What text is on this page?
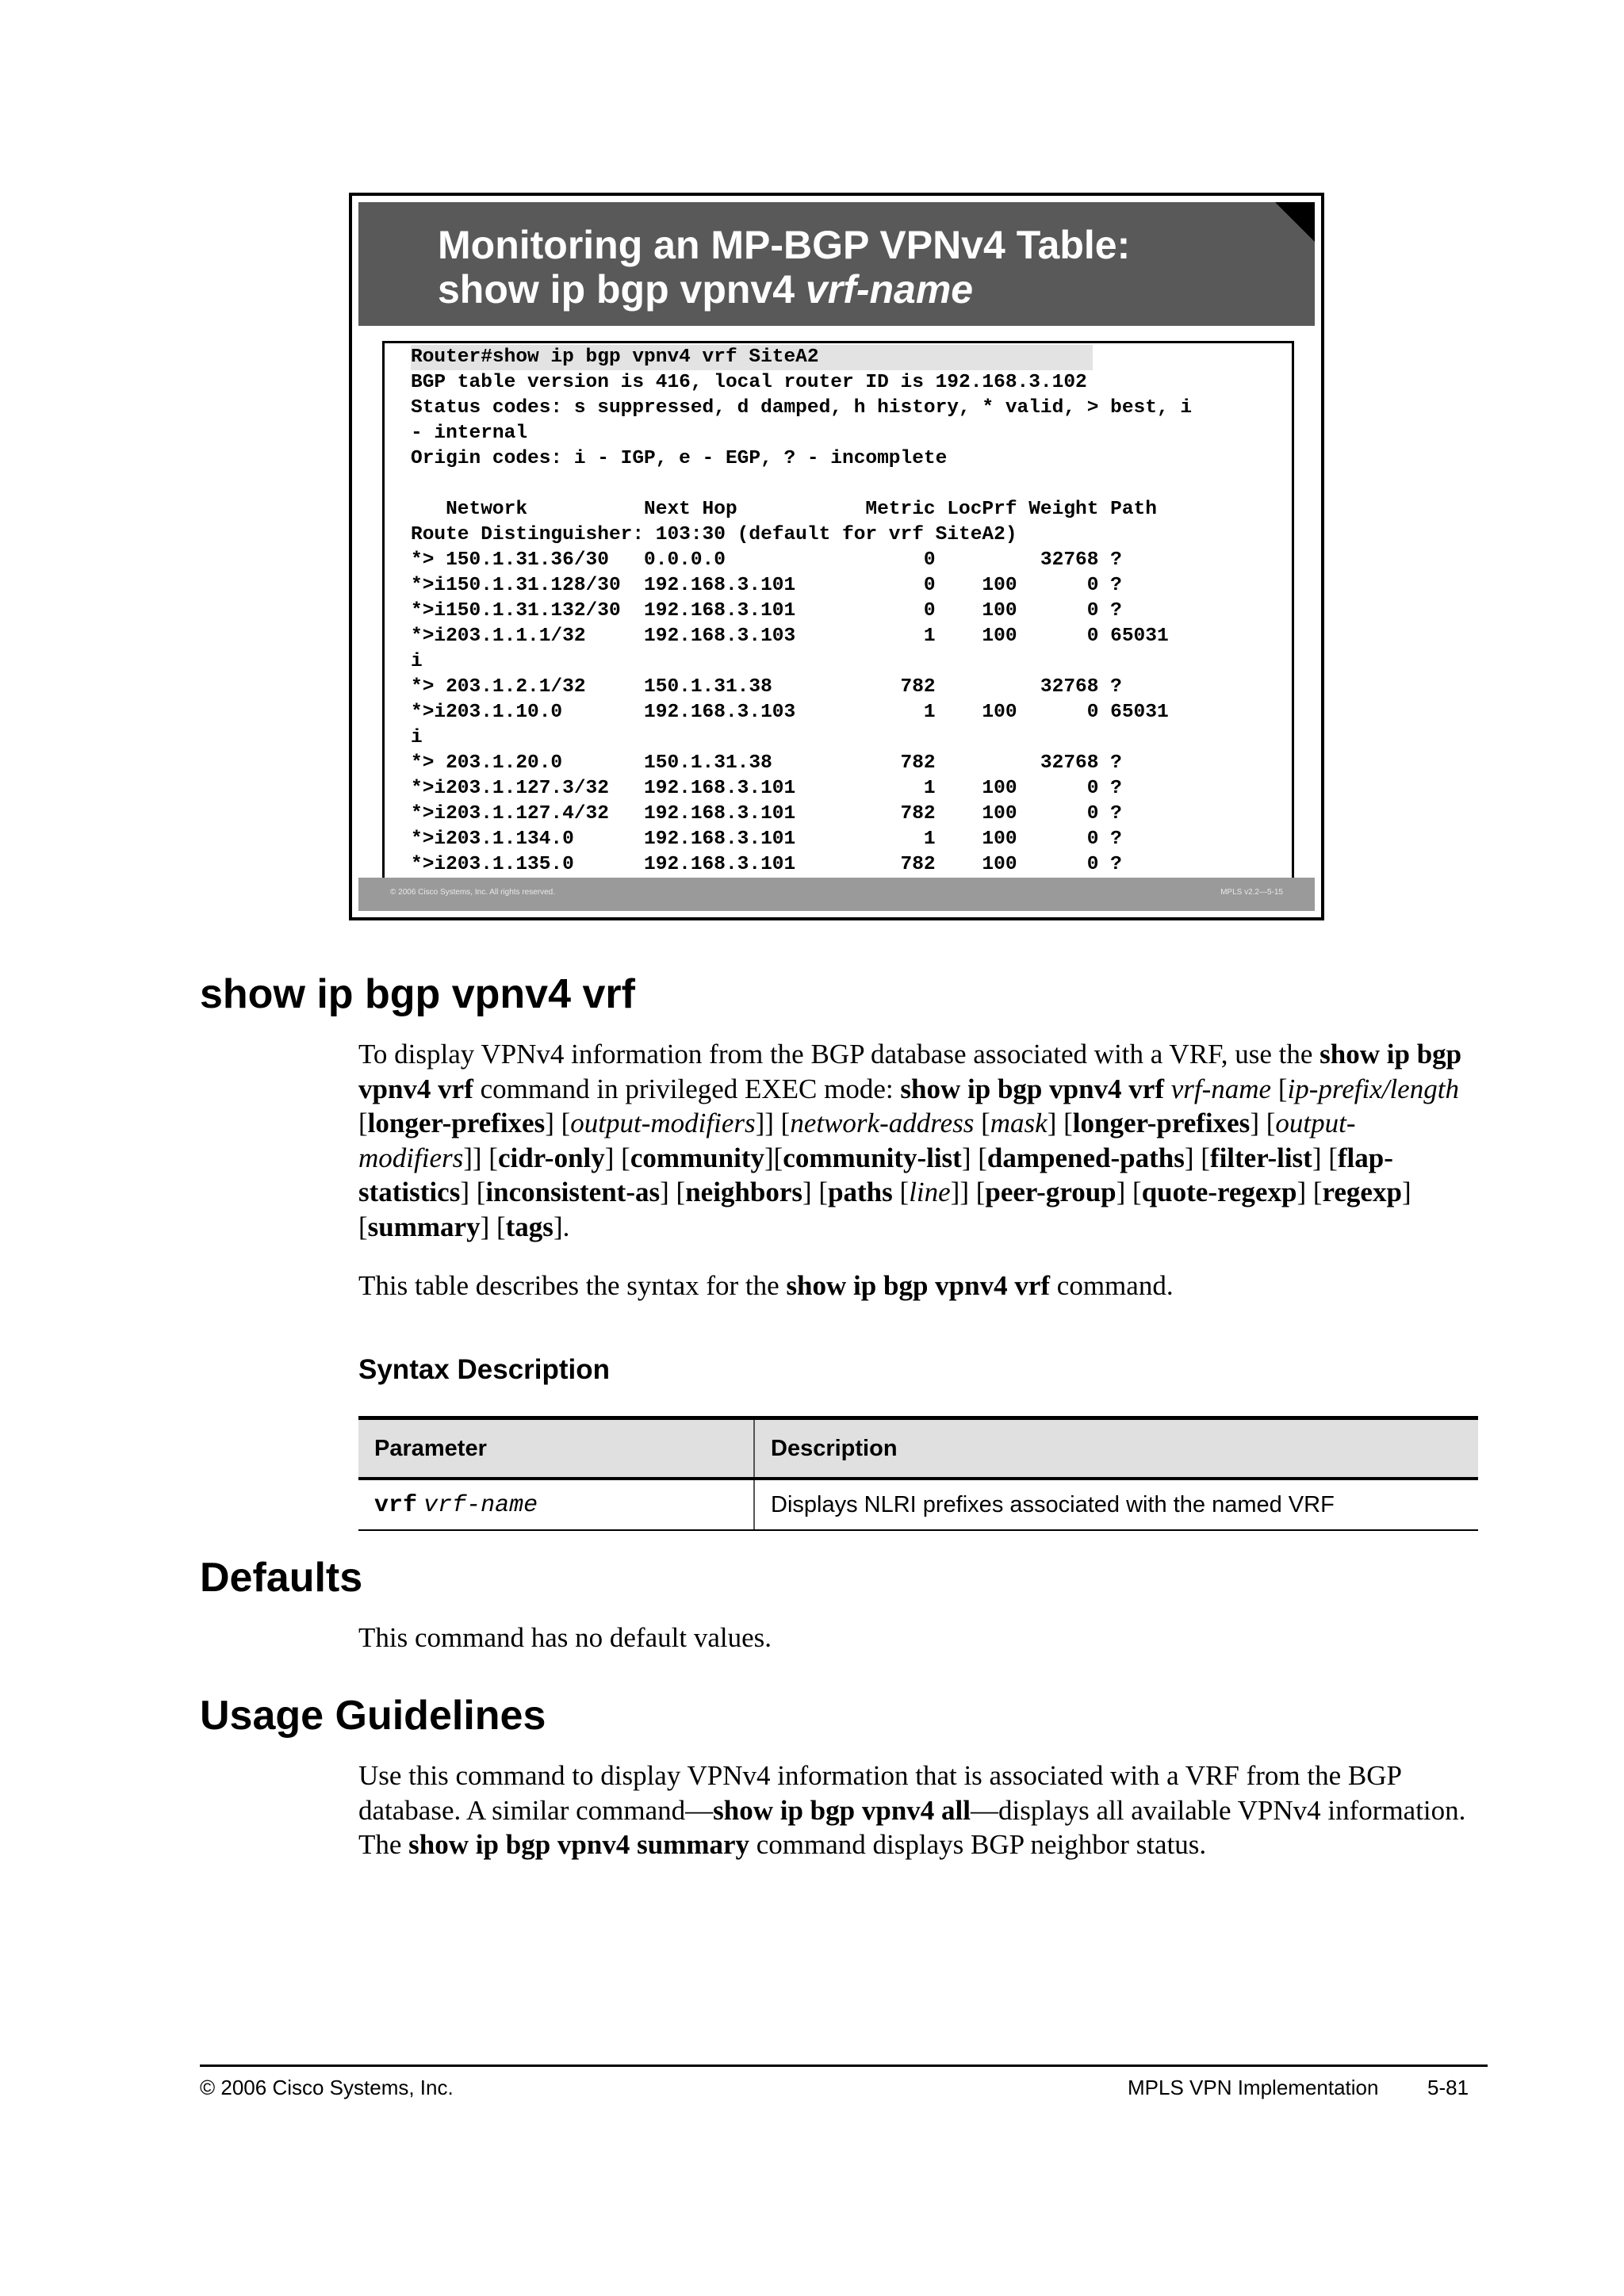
Monitoring an MP-BGP VPNv4 Table:
show ip bgp vpnv4 vrf-name
Router#show ip bgp vpnv4 vrf SiteA2
BGP table version is 416, local router ID is 192.168.3.102
Status codes: s suppressed, d damped, h history, * valid, > best, i
- internal
Origin codes: i - IGP, e - EGP, ? - incomplete
Network          Next Hop           Metric LocPrf Weight Path
Route Distinguisher: 103:30 (default for vrf SiteA2)
*> 150.1.31.36/30   0.0.0.0                 0         32768 ?
*>i150.1.31.128/30  192.168.3.101           0    100      0 ?
*>i150.1.31.132/30  192.168.3.101           0    100      0 ?
*>i203.1.1.1/32     192.168.3.103           1    100      0 65031
i
*> 203.1.2.1/32     150.1.31.38           782         32768 ?
*>i203.1.10.0       192.168.3.103           1    100      0 65031
i
*> 203.1.20.0       150.1.31.38           782         32768 ?
*>i203.1.127.3/32   192.168.3.101           1    100      0 ?
*>i203.1.127.4/32   192.168.3.101         782    100      0 ?
*>i203.1.134.0      192.168.3.101           1    100      0 ?
*>i203.1.135.0      192.168.3.101         782    100      0 ?
© 2006 Cisco Systems, Inc. All rights reserved.	MPLS v2.2—5-15
show ip bgp vpnv4 vrf

To display VPNv4 information from the BGP database associated with a VRF, use the show ip bgp vpnv4 vrf command in privileged EXEC mode: show ip bgp vpnv4 vrf vrf-name [ip-prefix/length [longer-prefixes] [output-modifiers]] [network-address [mask] [longer-prefixes] [output-modifiers]] [cidr-only] [community][community-list] [dampened-paths] [filter-list] [flap-statistics] [inconsistent-as] [neighbors] [paths [line]] [peer-group] [quote-regexp] [regexp] [summary] [tags].

This table describes the syntax for the show ip bgp vpnv4 vrf command.

Syntax Description
Parameter	Description
vrf vrf-name	Displays NLRI prefixes associated with the named VRF
Defaults

This command has no default values.

Usage Guidelines

Use this command to display VPNv4 information that is associated with a VRF from the BGP database. A similar command—show ip bgp vpnv4 all—displays all available VPNv4 information. The show ip bgp vpnv4 summary command displays BGP neighbor status.

© 2006 Cisco Systems, Inc.	MPLS VPN Implementation 5-81
